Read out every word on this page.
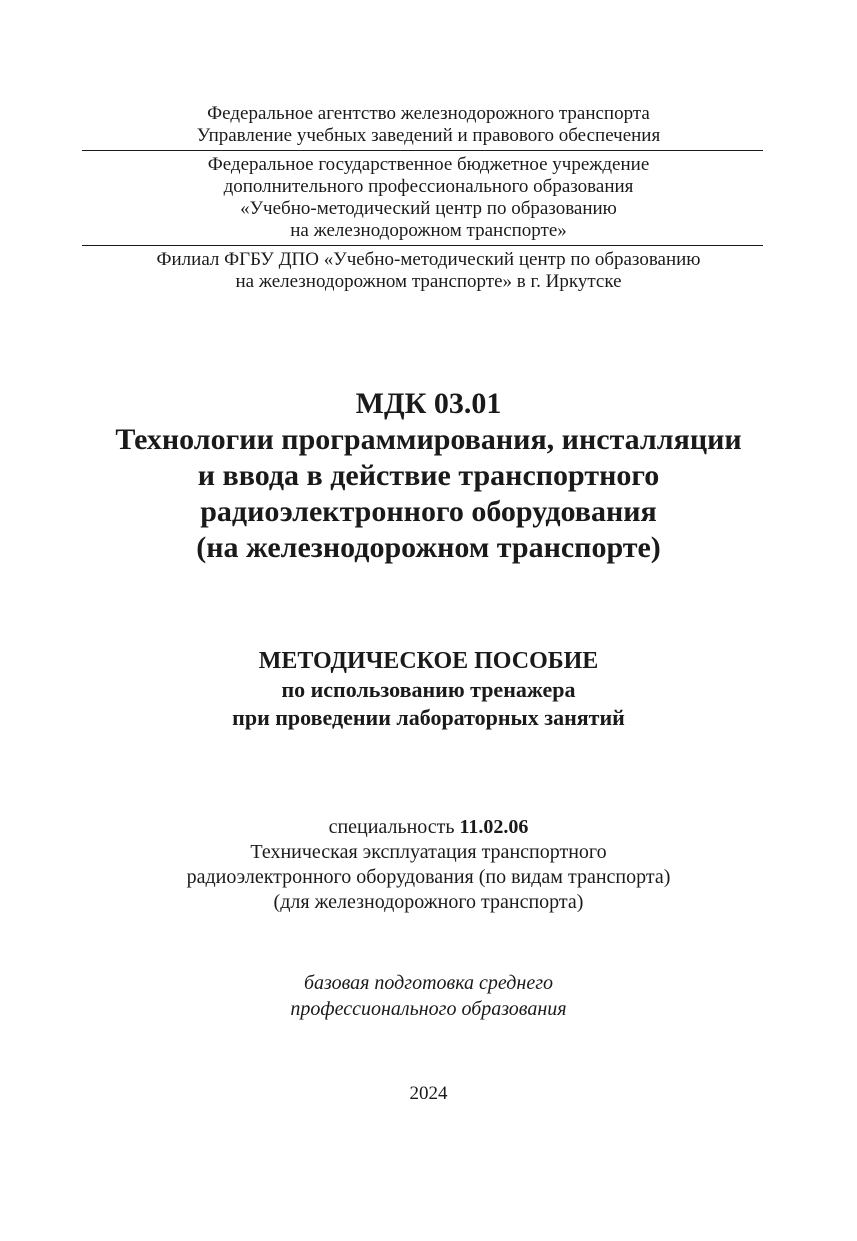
Федеральное агентство железнодорожного транспорта
Управление учебных заведений и правового обеспечения
Федеральное государственное бюджетное учреждение
дополнительного профессионального образования
«Учебно-методический центр по образованию
на железнодорожном транспорте»
Филиал ФГБУ ДПО «Учебно-методический центр по образованию
на железнодорожном транспорте» в г. Иркутске
МДК 03.01
Технологии программирования, инсталляции
и ввода в действие транспортного
радиоэлектронного оборудования
(на железнодорожном транспорте)
МЕТОДИЧЕСКОЕ ПОСОБИЕ
по использованию тренажера
при проведении лабораторных занятий
специальность 11.02.06
Техническая эксплуатация транспортного
радиоэлектронного оборудования (по видам транспорта)
(для железнодорожного транспорта)
базовая подготовка среднего
профессионального образования
2024
